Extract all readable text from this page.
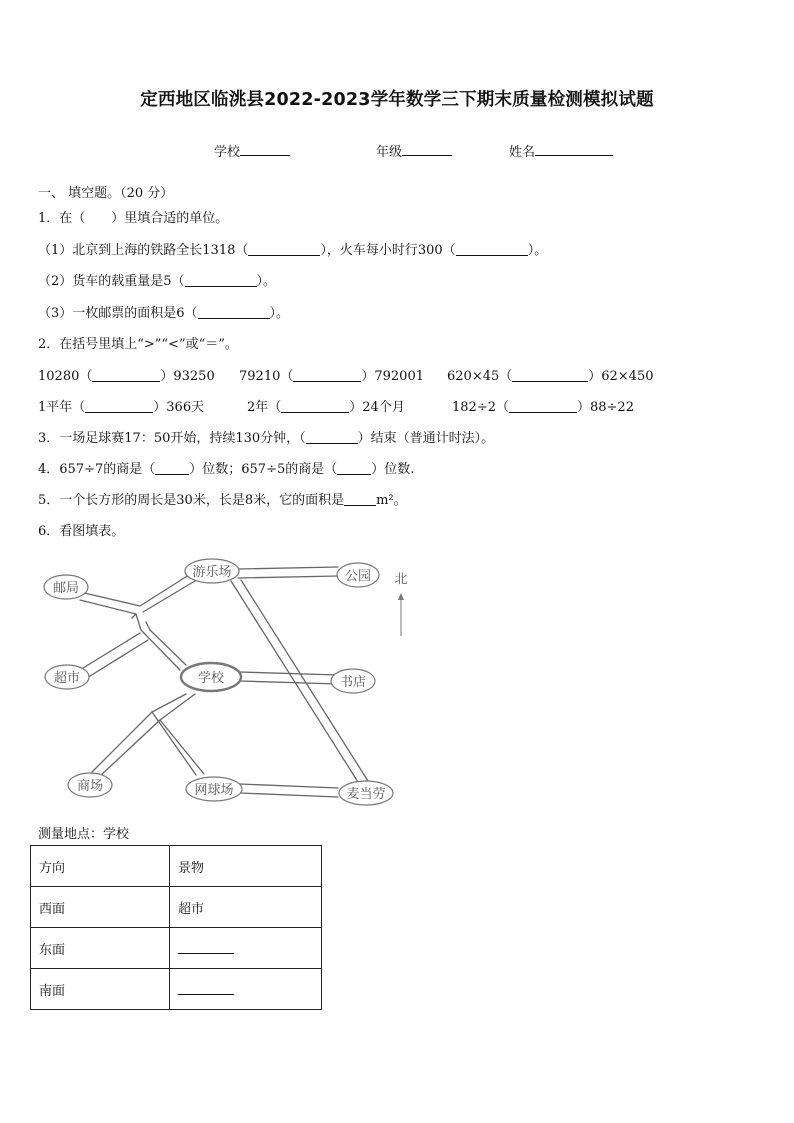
定西地区临洮县2022-2023学年数学三下期末质量检测模拟试题
学校	年级	姓名
一、 填空题。（20 分）
1．在（　　）里填合适的单位。
（1）北京到上海的铁路全长1318（	），火车每小时行300（	）。
（2）货车的载重量是5（	）。
（3）一枚邮票的面积是6（	）。
2．在括号里填上“>”“<”或“＝”。
10280（	）93250 79210（	）792001 620×45（	）62×450
1平年（	）366天	2年（	）24个月	182÷2（	）88÷22
3．一场足球赛17：50开始，持续130分钟，（	）结束（普通计时法）。
4．657÷7的商是（	）位数；657÷5的商是（	）位数.
5．一个长方形的周长是30米，长是8米，它的面积是 m²。
6．看图填表。
邮局
游乐场	公园
超市	学校	书店
商场	网球场	麦当劳
北
测量地点：学校
方向	景物
西面	超市
东面	
南面	
